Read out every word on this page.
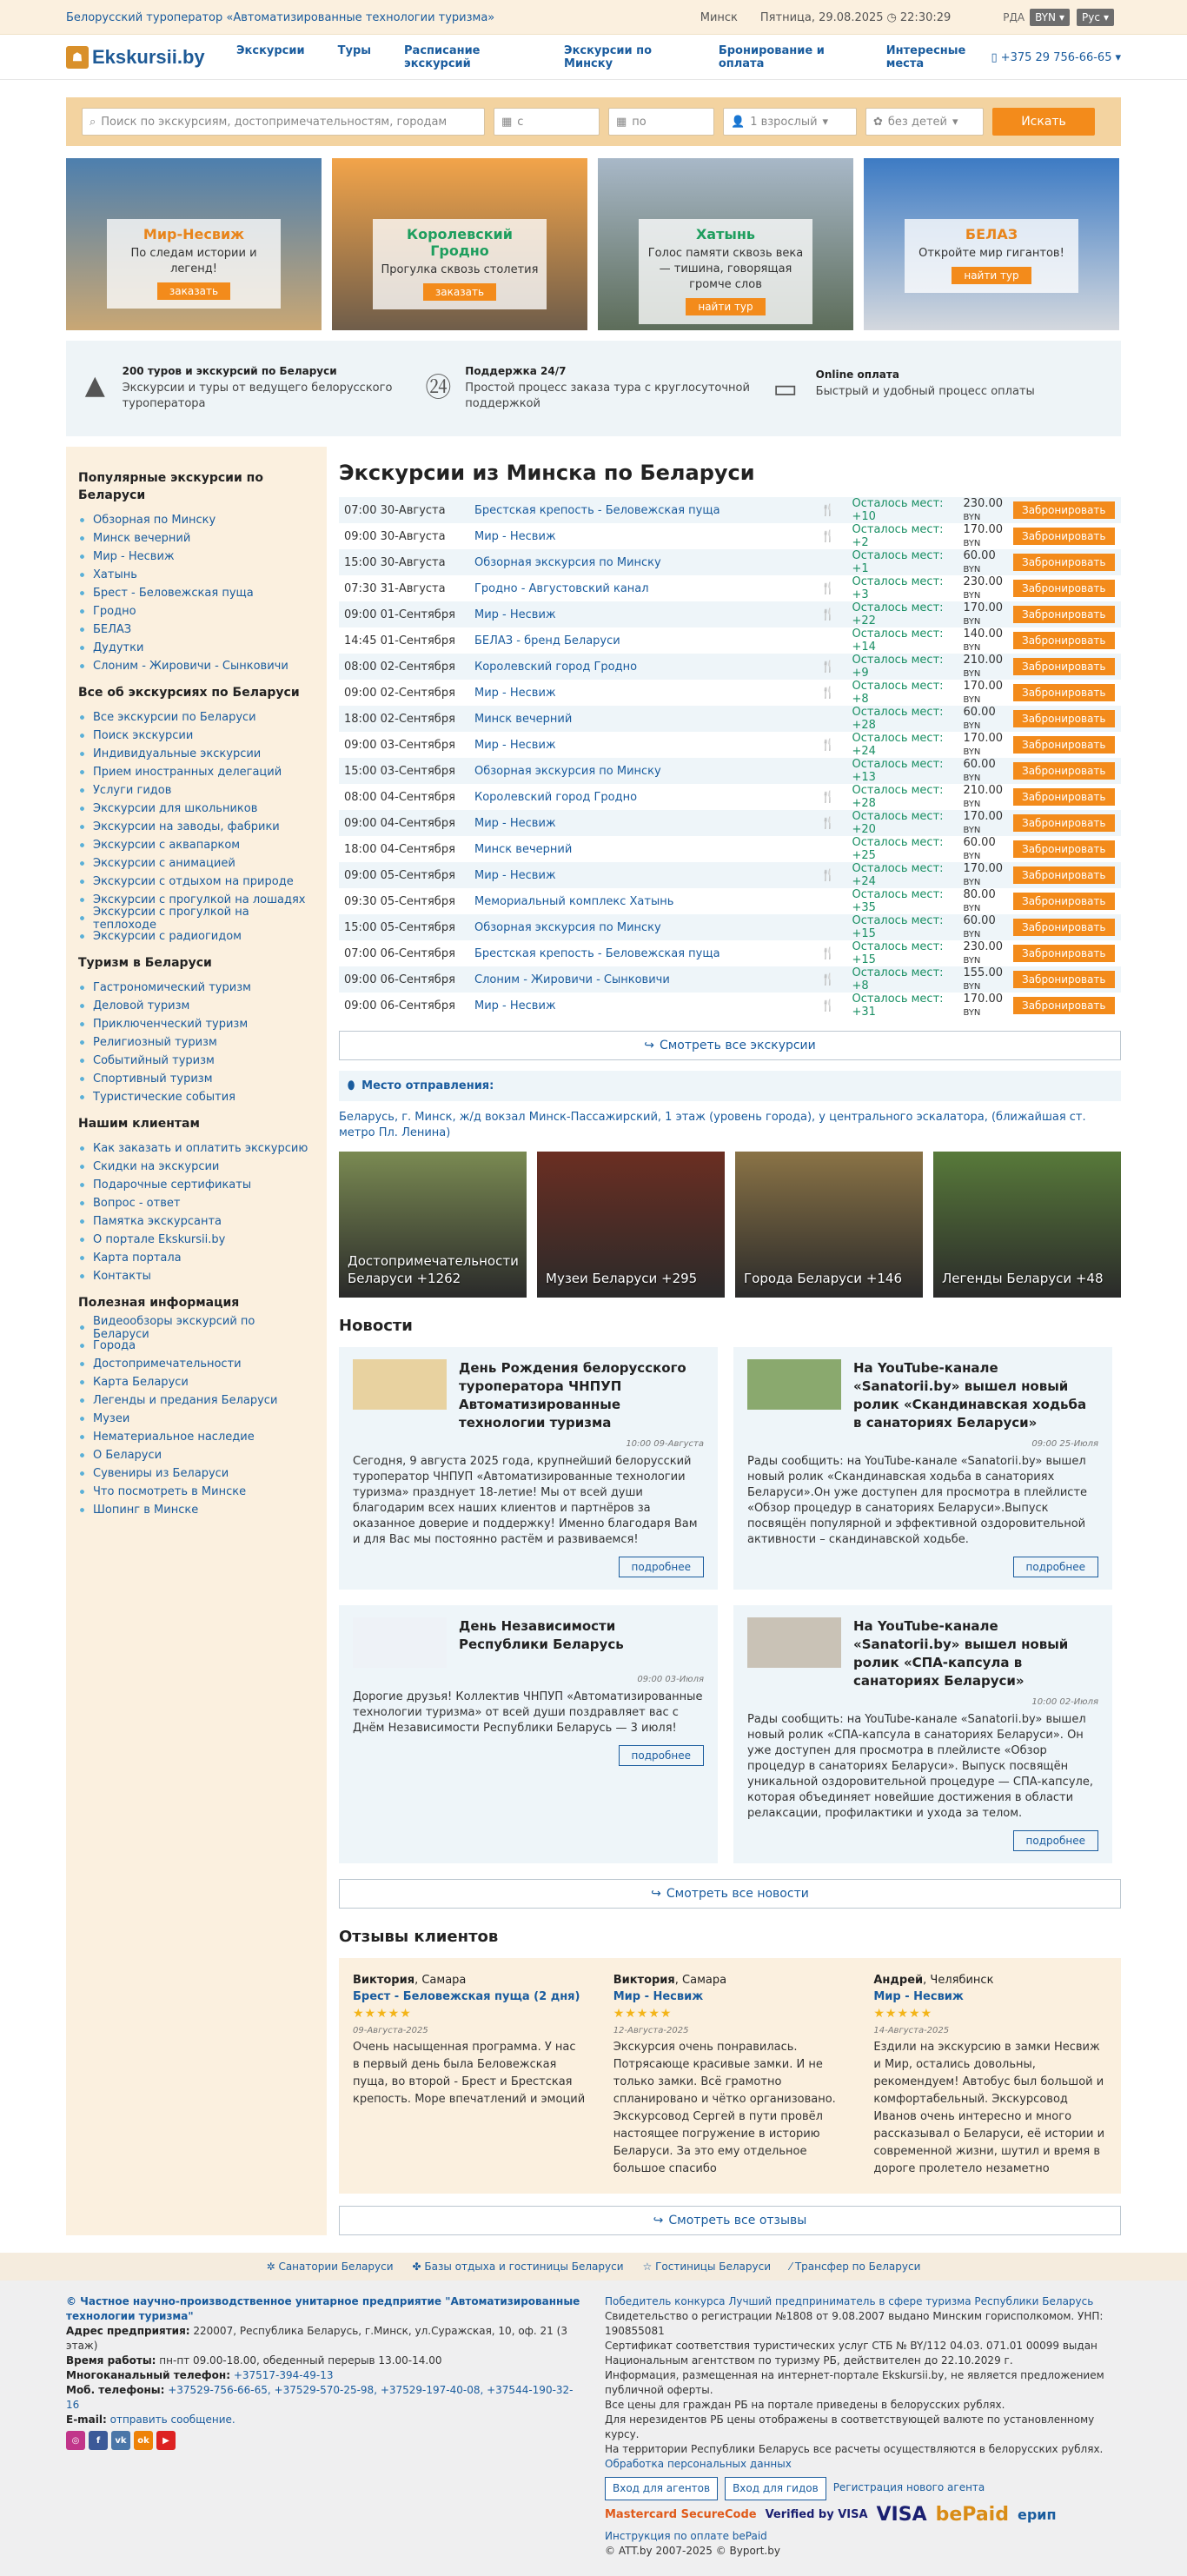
Белорусский туроператор «Автоматизированные технологии туризма»	Минск Пятница, 29.08.2025 ◷ 22:30:29	РДА BYN ▾ Рус ▾
☗ Ekskursii.by	Экскурсии	Туры	Расписание экскурсий
Экскурсии по Минску
Бронирование и оплата
Интересные места	▯ +375 29 756-66-65 ▾
⌕ Поиск по экскурсиям, достопримечательностям, городам	▦ с	▦ по	👤 1 взрослый ▾	✿ без детей ▾	Искать
Мир-Несвиж
По следам истории и легенд!
заказать
Королевский Гродно
Прогулка сквозь столетия
заказать
Хатынь
Голос памяти сквозь века — тишина, говорящая громче слов
найти тур
БЕЛАЗ
Откройте мир гигантов!
найти тур
▲	200 туров и экскурсий по Беларуси

Экскурсии и туры от ведущего белорусского туроператора

㉔
Поддержка 24/7

Простой процесс заказа тура с круглосуточной поддержкой	▭	Online оплата

Быстрый и удобный процесс оплаты

Популярные экскурсии по Беларуси
Обзорная по Минску
Минск вечерний
Мир - Несвиж
Хатынь
Брест - Беловежская пуща
Гродно
БЕЛАЗ
Дудутки
Слоним - Жировичи - Сынковичи
Все об экскурсиях по Беларуси
Все экскурсии по Беларуси
Поиск экскурсии
Индивидуальные экскурсии
Прием иностранных делегаций
Услуги гидов
Экскурсии для школьников
Экскурсии на заводы, фабрики
Экскурсии с аквапарком
Экскурсии с анимацией
Экскурсии с отдыхом на природе
Экскурсии с прогулкой на лошадях
Экскурсии с прогулкой на теплоходе
Экскурсии с радиогидом
Туризм в Беларуси
Гастрономический туризм
Деловой туризм
Приключенческий туризм
Религиозный туризм
Событийный туризм
Спортивный туризм
Туристические события
Нашим клиентам
Как заказать и оплатить экскурсию
Скидки на экскурсии
Подарочные сертификаты
Вопрос - ответ
Памятка экскурсанта
О портале Ekskursii.by
Карта портала
Контакты
Полезная информация
Видеообзоры экскурсий по Беларуси
Города
Достопримечательности
Карта Беларуси
Легенды и предания Беларуси
Музеи
Нематериальное наследие
О Беларуси
Сувениры из Беларуси
Что посмотреть в Минске
Шопинг в Минске
Экскурсии из Минска по Беларуси
07:00 30-Августа	Брестская крепость - Беловежская пуща	🍴	Осталось мест: +10	230.00 BYN	Забронировать
09:00 30-Августа	Мир - Несвиж	🍴	Осталось мест: +2	170.00 BYN	Забронировать
15:00 30-Августа	Обзорная экскурсия по Минску		Осталось мест: +1	60.00 BYN	Забронировать
07:30 31-Августа	Гродно - Августовский канал	🍴	Осталось мест: +3	230.00 BYN	Забронировать
09:00 01-Сентября	Мир - Несвиж	🍴	Осталось мест: +22	170.00 BYN	Забронировать
14:45 01-Сентября	БЕЛАЗ - бренд Беларуси		Осталось мест: +14	140.00 BYN	Забронировать
08:00 02-Сентября	Королевский город Гродно	🍴	Осталось мест: +9	210.00 BYN	Забронировать
09:00 02-Сентября	Мир - Несвиж	🍴	Осталось мест: +8	170.00 BYN	Забронировать
18:00 02-Сентября	Минск вечерний		Осталось мест: +28	60.00 BYN	Забронировать
09:00 03-Сентября	Мир - Несвиж	🍴	Осталось мест: +24	170.00 BYN	Забронировать
15:00 03-Сентября	Обзорная экскурсия по Минску		Осталось мест: +13	60.00 BYN	Забронировать
08:00 04-Сентября	Королевский город Гродно	🍴	Осталось мест: +28	210.00 BYN	Забронировать
09:00 04-Сентября	Мир - Несвиж	🍴	Осталось мест: +20	170.00 BYN	Забронировать
18:00 04-Сентября	Минск вечерний		Осталось мест: +25	60.00 BYN	Забронировать
09:00 05-Сентября	Мир - Несвиж	🍴	Осталось мест: +24	170.00 BYN	Забронировать
09:30 05-Сентября	Мемориальный комплекс Хатынь		Осталось мест: +35	80.00 BYN	Забронировать
15:00 05-Сентября	Обзорная экскурсия по Минску		Осталось мест: +15	60.00 BYN	Забронировать
07:00 06-Сентября	Брестская крепость - Беловежская пуща	🍴	Осталось мест: +15	230.00 BYN	Забронировать
09:00 06-Сентября	Слоним - Жировичи - Сынковичи	🍴	Осталось мест: +8	155.00 BYN	Забронировать
09:00 06-Сентября	Мир - Несвиж	🍴	Осталось мест: +31	170.00 BYN	Забронировать
↪ Смотреть все экскурсии
⬮ Место отправления:
Беларусь, г. Минск, ж/д вокзал Минск-Пассажирский, 1 этаж (уровень города), у центрального эскалатора, (ближайшая ст. метро Пл. Ленина)
Достопримечательности Беларуси +1262	Музеи Беларуси +295	Города Беларуси +146	Легенды Беларуси +48
Новости
День Рождения белорусского туроператора ЧНПУП Автоматизированные технологии туризма
10:00 09-Августа
Сегодня, 9 августа 2025 года, крупнейший белорусский туроператор ЧНПУП «Автоматизированные технологии туризма» празднует 18-летие! Мы от всей души благодарим всех наших клиентов и партнёров за оказанное доверие и поддержку! Именно благодаря Вам и для Вас мы постоянно растём и развиваемся!
подробнее
На YouTube-канале «Sanatorii.by» вышел новый ролик «Скандинавская ходьба в санаториях Беларуси»
09:00 25-Июля
Рады сообщить: на YouTube-канале «Sanatorii.by» вышел новый ролик «Скандинавская ходьба в санаториях Беларуси».Он уже доступен для просмотра в плейлисте «Обзор процедур в санаториях Беларуси».Выпуск посвящён популярной и эффективной оздоровительной активности – скандинавской ходьбе.
подробнее
День Независимости Республики Беларусь
09:00 03-Июля
Дорогие друзья! Коллектив ЧНПУП «Автоматизированные технологии туризма» от всей души поздравляет вас с Днём Независимости Республики Беларусь — 3 июля!
подробнее
На YouTube-канале «Sanatorii.by» вышел новый ролик «СПА-капсула в санаториях Беларуси»
10:00 02-Июля
Рады сообщить: на YouTube-канале «Sanatorii.by» вышел новый ролик «СПА-капсула в санаториях Беларуси». Он уже доступен для просмотра в плейлисте «Обзор процедур в санаториях Беларуси». Выпуск посвящён уникальной оздоровительной процедуре — СПА-капсуле, которая объединяет новейшие достижения в области релаксации, профилактики и ухода за телом.
подробнее
↪ Смотреть все новости
Отзывы клиентов
Виктория, Самара
Брест - Беловежская пуща (2 дня)
★★★★★
09-Августа-2025

Очень насыщенная программа. У нас в первый день была Беловежская пуща, во второй - Брест и Брестская крепость. Море впечатлений и эмоций

Виктория, Самара
Мир - Несвиж
★★★★★
12-Августа-2025

Экскурсия очень понравилась. Потрясающе красивые замки. И не только замки. Всё грамотно спланировано и чётко организовано. Экскурсовод Сергей в пути провёл настоящее погружение в историю Беларуси. За это ему отдельное большое спасибо

Андрей, Челябинск
Мир - Несвиж
★★★★★
14-Августа-2025

Ездили на экскурсию в замки Несвиж и Мир, остались довольны, рекомендуем! Автобус был большой и комфортабельный. Экскурсовод Иванов очень интересно и много рассказывал о Беларуси, её истории и современной жизни, шутил и время в дороге пролетело незаметно

↪ Смотреть все отзывы
✲ Санатории Беларуси ✤ Базы отдыха и гостиницы Беларуси ☆ Гостиницы Беларуси ⁄ Трансфер по Беларуси
© Частное научно-производственное унитарное предприятие "Автоматизированные технологии туризма"
Адрес предприятия: 220007, Республика Беларусь, г.Минск, ул.Суражская, 10, оф. 21 (3 этаж)
Время работы: пн-пт 09.00-18.00, обеденный перерыв 13.00-14.00
Многоканальный телефон: +37517-394-49-13
Моб. телефоны: +37529-756-66-65, +37529-570-25-98, +37529-197-40-08, +37544-190-32-16
E-mail: отправить сообщение.
◎	f	vk	ok	▶
Победитель конкурса Лучший предприниматель в сфере туризма Республики Беларусь
Свидетельство о регистрации №1808 от 9.08.2007 выдано Минским горисполкомом. УНП: 190855081
Сертификат соответствия туристических услуг СТБ № BY/112 04.03. 071.01 00099 выдан Национальным агентством по туризму РБ, действителен до 22.10.2029 г.
Информация, размещенная на интернет-портале Ekskursii.by, не является предложением публичной оферты.
Все цены для граждан РБ на портале приведены в белорусских рублях.
Для нерезидентов РБ цены отображены в соответствующей валюте по установленному курсу.
На территории Республики Беларусь все расчеты осуществляются в белорусских рублях.
Обработка персональных данных
Вход для агентов	Вход для гидов	Регистрация нового агента
Mastercard SecureCode Verified by VISA VISA bePaid ерип
Инструкция по оплате bePaid
© ATT.by 2007-2025 © Byport.by
